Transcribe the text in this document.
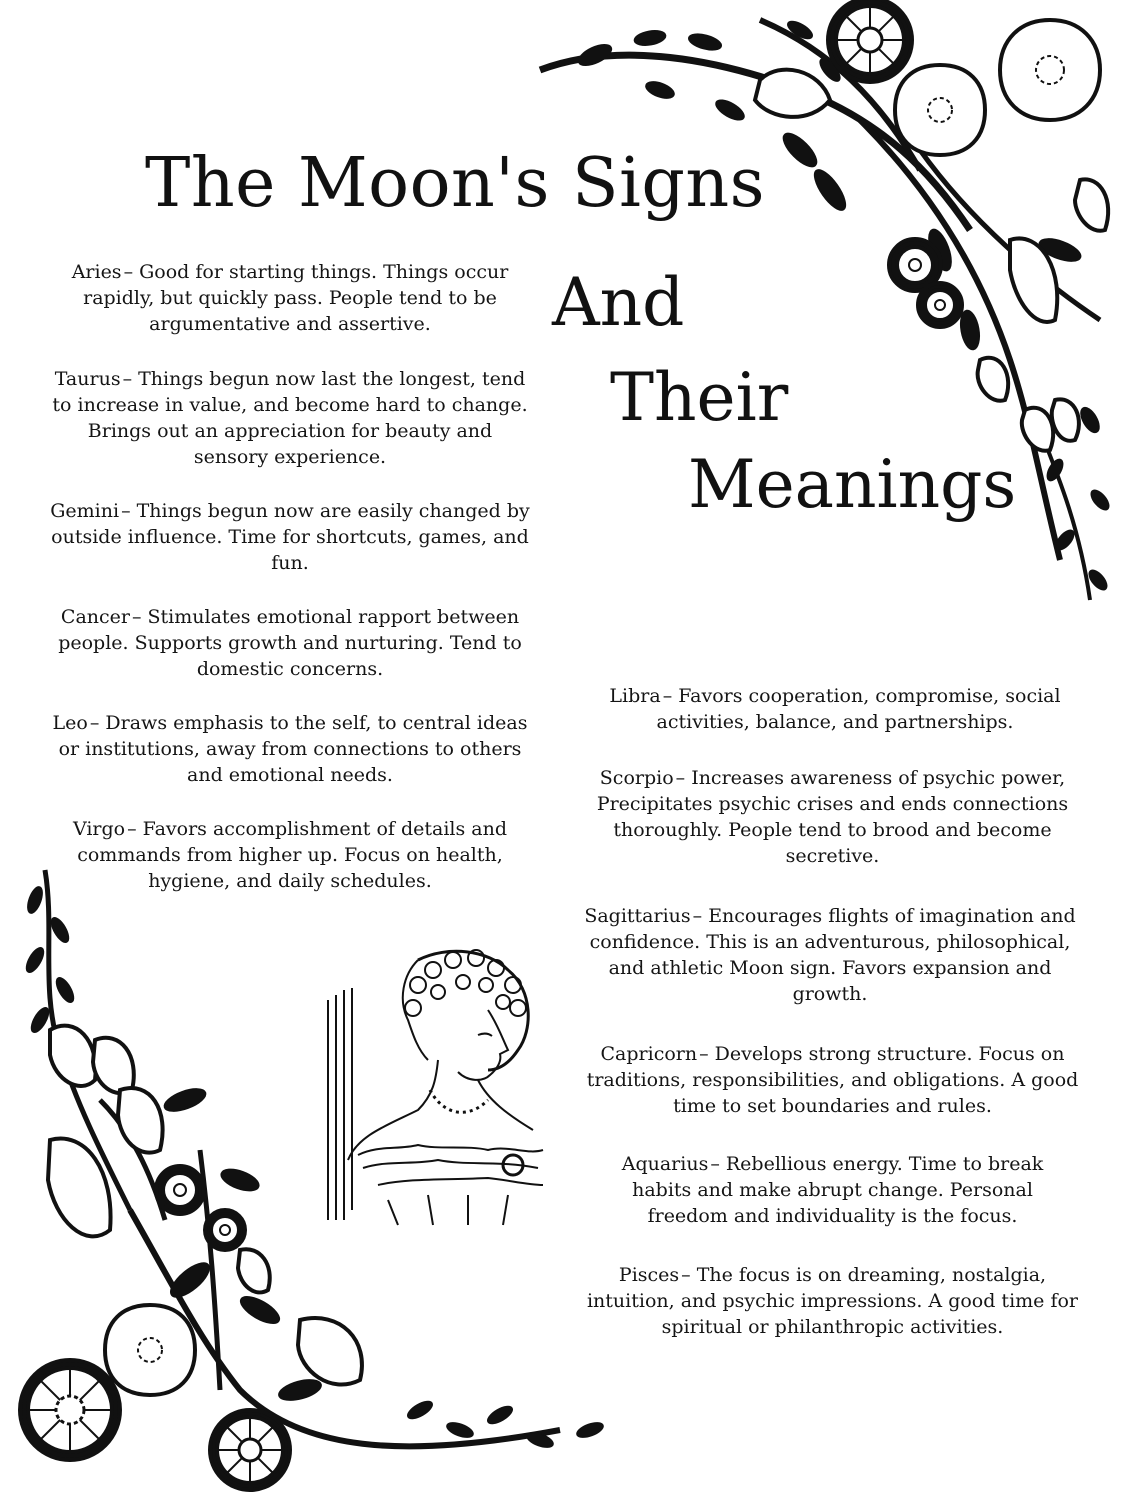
The Moon's Signs
And
Their
Meanings

Aries – Good for starting things. Things occur rapidly, but quickly pass. People tend to be argumentative and assertive.

Taurus – Things begun now last the longest, tend to increase in value, and become hard to change. Brings out an appreciation for beauty and sensory experience.

Gemini – Things begun now are easily changed by outside influence. Time for shortcuts, games, and fun.

Cancer – Stimulates emotional rapport between people. Supports growth and nurturing. Tend to domestic concerns.

Leo – Draws emphasis to the self, to central ideas or institutions, away from connections to others and emotional needs.

Virgo – Favors accomplishment of details and commands from higher up. Focus on health, hygiene, and daily schedules.

Libra – Favors cooperation, compromise, social activities, balance, and partnerships.

Scorpio – Increases awareness of psychic power, Precipitates psychic crises and ends connections thoroughly. People tend to brood and become secretive.

Sagittarius – Encourages flights of imagination and confidence. This is an adventurous, philosophical, and athletic Moon sign. Favors expansion and growth.

Capricorn – Develops strong structure. Focus on traditions, responsibilities, and obligations. A good time to set boundaries and rules.

Aquarius – Rebellious energy. Time to break habits and make abrupt change. Personal freedom and individuality is the focus.

Pisces – The focus is on dreaming, nostalgia, intuition, and psychic impressions. A good time for spiritual or philanthropic activities.
